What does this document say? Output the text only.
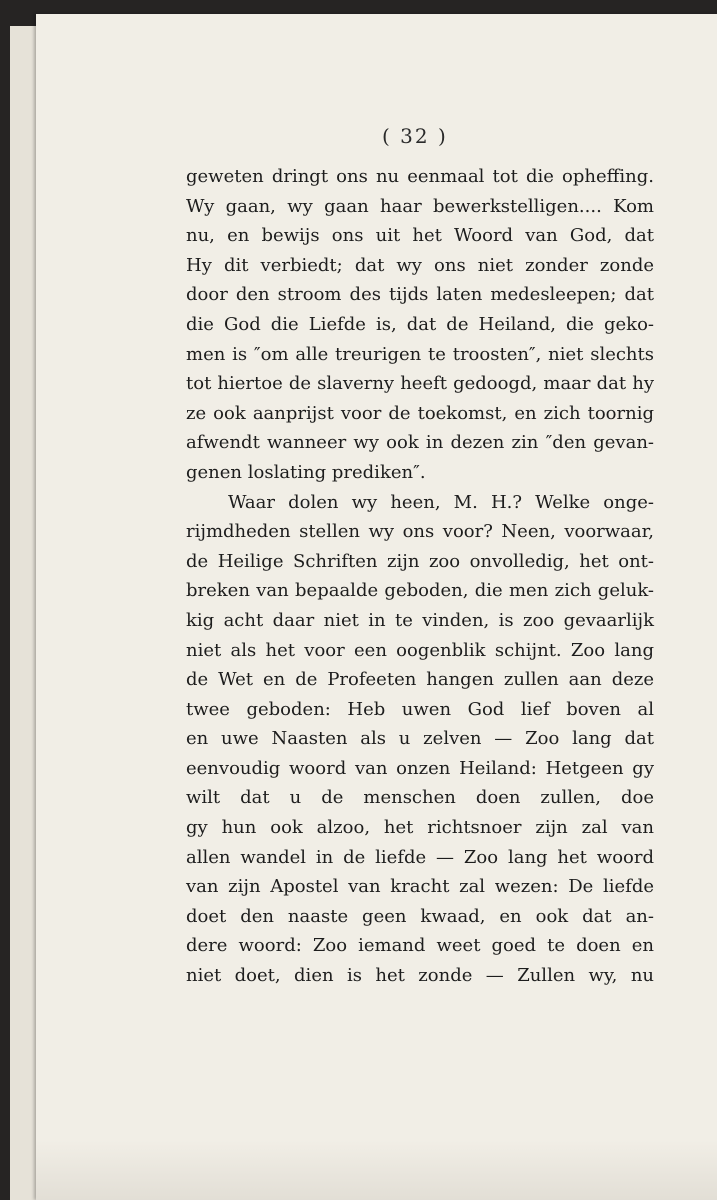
( 32 )
geweten dringt ons nu eenmaal tot die opheffing.
Wy gaan, wy gaan haar bewerkstelligen.... Kom
nu, en bewijs ons uit het Woord van God, dat
Hy dit verbiedt; dat wy ons niet zonder zonde
door den stroom des tijds laten medesleepen; dat
die God die Liefde is, dat de Heiland, die geko-
men is ″om alle treurigen te troosten″, niet slechts
tot hiertoe de slaverny heeft gedoogd, maar dat hy
ze ook aanprijst voor de toekomst, en zich toornig
afwendt wanneer wy ook in dezen zin ″den gevan-
genen loslating prediken″.
Waar dolen wy heen, M. H.? Welke onge-
rijmdheden stellen wy ons voor? Neen, voorwaar,
de Heilige Schriften zijn zoo onvolledig, het ont-
breken van bepaalde geboden, die men zich geluk-
kig acht daar niet in te vinden, is zoo gevaarlijk
niet als het voor een oogenblik schijnt. Zoo lang
de Wet en de Profeeten hangen zullen aan deze
twee geboden: Heb uwen God lief boven al
en uwe Naasten als u zelven — Zoo lang dat
eenvoudig woord van onzen Heiland: Hetgeen gy
wilt dat u de menschen doen zullen, doe
gy hun ook alzoo, het richtsnoer zijn zal van
allen wandel in de liefde — Zoo lang het woord
van zijn Apostel van kracht zal wezen: De liefde
doet den naaste geen kwaad, en ook dat an-
dere woord: Zoo iemand weet goed te doen en
niet doet, dien is het zonde — Zullen wy, nu
